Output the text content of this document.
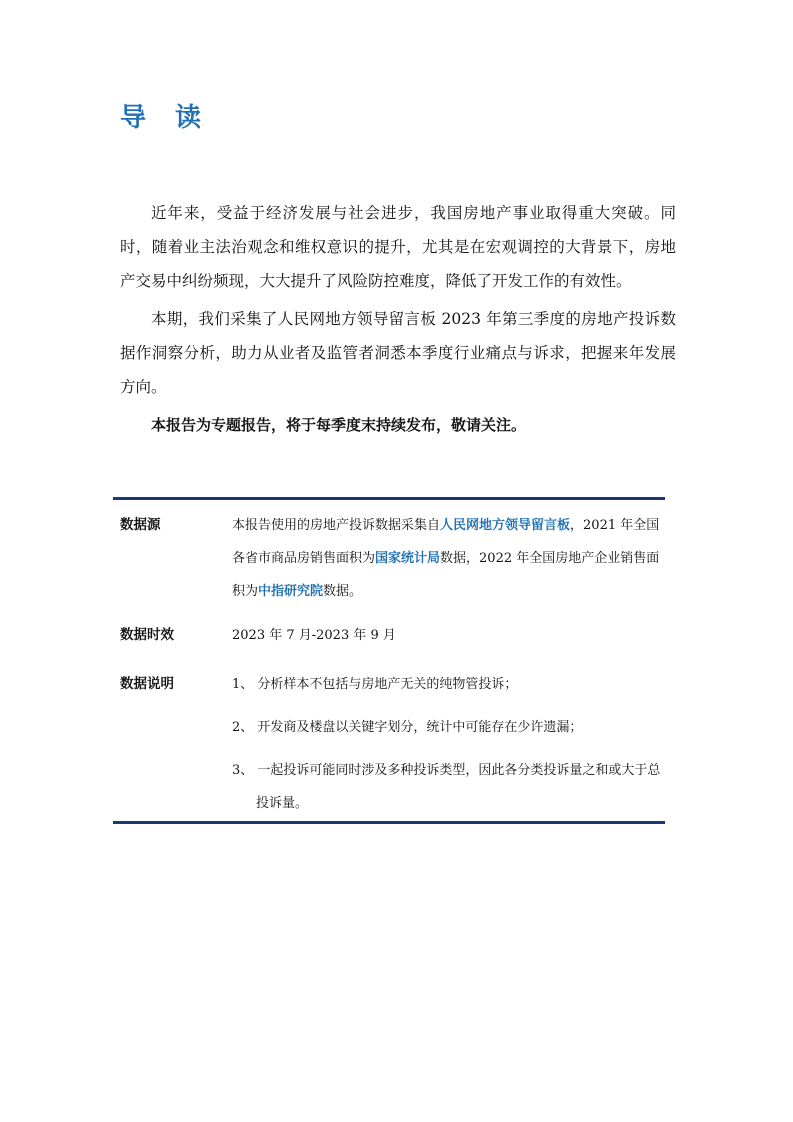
导 读

近年来，受益于经济发展与社会进步，我国房地产事业取得重大突破。同时，随着业主法治观念和维权意识的提升，尤其是在宏观调控的大背景下，房地产交易中纠纷频现，大大提升了风险防控难度，降低了开发工作的有效性。

本期，我们采集了人民网地方领导留言板 2023 年第三季度的房地产投诉数据作洞察分析，助力从业者及监管者洞悉本季度行业痛点与诉求，把握来年发展方向。

本报告为专题报告，将于每季度末持续发布，敬请关注。

数据源	本报告使用的房地产投诉数据采集自人民网地方领导留言板，2021 年全国各省市商品房销售面积为国家统计局数据，2022 年全国房地产企业销售面积为中指研究院数据。
数据时效	2023 年 7 月-2023 年 9 月
数据说明	1、 分析样本不包括与房地产无关的纯物管投诉；
2、 开发商及楼盘以关键字划分，统计中可能存在少许遗漏；
3、 一起投诉可能同时涉及多种投诉类型，因此各分类投诉量之和或大于总投诉量。
